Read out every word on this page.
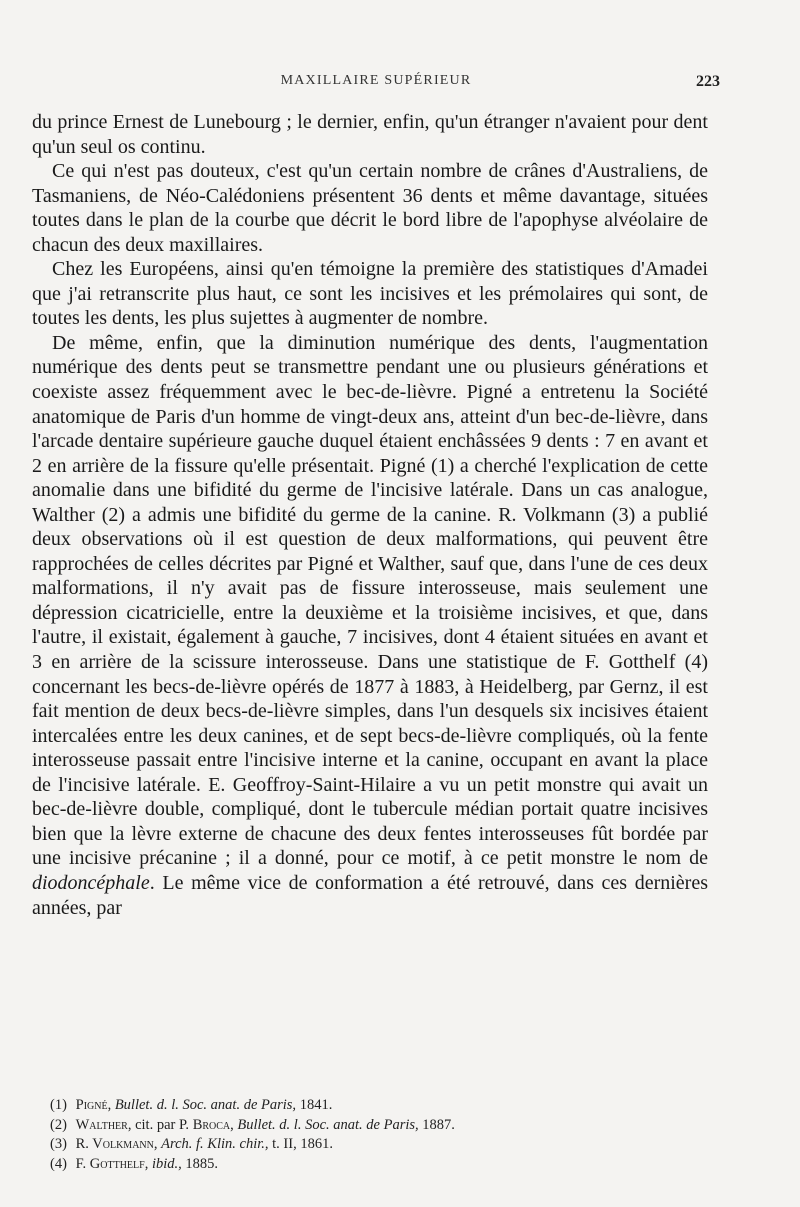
MAXILLAIRE SUPÉRIEUR	223

du prince Ernest de Lunebourg ; le dernier, enfin, qu'un étranger n'avaient pour dent qu'un seul os continu.

Ce qui n'est pas douteux, c'est qu'un certain nombre de crânes d'Australiens, de Tasmaniens, de Néo-Calédoniens présentent 36 dents et même davantage, situées toutes dans le plan de la courbe que décrit le bord libre de l'apophyse alvéolaire de chacun des deux maxillaires.

Chez les Européens, ainsi qu'en témoigne la première des statistiques d'Amadei que j'ai retranscrite plus haut, ce sont les incisives et les prémolaires qui sont, de toutes les dents, les plus sujettes à augmenter de nombre.

De même, enfin, que la diminution numérique des dents, l'augmentation numérique des dents peut se transmettre pendant une ou plusieurs générations et coexiste assez fréquemment avec le bec-de-lièvre. Pigné a entretenu la Société anatomique de Paris d'un homme de vingt-deux ans, atteint d'un bec-de-lièvre, dans l'arcade dentaire supérieure gauche duquel étaient enchâssées 9 dents : 7 en avant et 2 en arrière de la fissure qu'elle présentait. Pigné (1) a cherché l'explication de cette anomalie dans une bifidité du germe de l'incisive latérale. Dans un cas analogue, Walther (2) a admis une bifidité du germe de la canine. R. Volkmann (3) a publié deux observations où il est question de deux malformations, qui peuvent être rapprochées de celles décrites par Pigné et Walther, sauf que, dans l'une de ces deux malformations, il n'y avait pas de fissure interosseuse, mais seulement une dépression cicatricielle, entre la deuxième et la troisième incisives, et que, dans l'autre, il existait, également à gauche, 7 incisives, dont 4 étaient situées en avant et 3 en arrière de la scissure interosseuse. Dans une statistique de F. Gotthelf (4) concernant les becs-de-lièvre opérés de 1877 à 1883, à Heidelberg, par Gernz, il est fait mention de deux becs-de-lièvre simples, dans l'un desquels six incisives étaient intercalées entre les deux canines, et de sept becs-de-lièvre compliqués, où la fente interosseuse passait entre l'incisive interne et la canine, occupant en avant la place de l'incisive latérale. E. Geoffroy-Saint-Hilaire a vu un petit monstre qui avait un bec-de-lièvre double, compliqué, dont le tubercule médian portait quatre incisives bien que la lèvre externe de chacune des deux fentes interosseuses fût bordée par une incisive précanine ; il a donné, pour ce motif, à ce petit monstre le nom de diodoncéphale. Le même vice de conformation a été retrouvé, dans ces dernières années, par

(1) Pigné, Bullet. d. l. Soc. anat. de Paris, 1841.
(2) Walther, cit. par P. Broca, Bullet. d. l. Soc. anat. de Paris, 1887.
(3) R. Volkmann, Arch. f. Klin. chir., t. II, 1861.
(4) F. Gotthelf, ibid., 1885.
